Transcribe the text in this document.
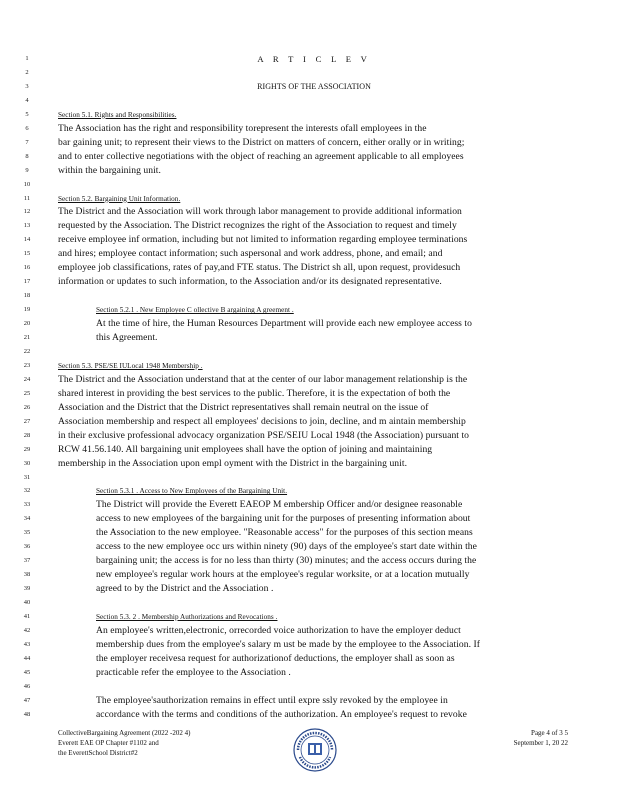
1	A R T I C L E V
2
3	RIGHTS OF THE ASSOCIATION
4
5	Section 5.1. Rights and Responsibilities.
6	The Association has the right and responsibility torepresent the interests ofall employees in the
7	bar gaining unit; to represent their views to the District on matters of concern, either orally or in writing;
8	and to enter collective negotiations with the object of reaching an agreement applicable to all employees
9	within the bargaining unit.
10
11	Section 5.2. Bargaining Unit Information.
12	The District and the Association will work through labor management to provide additional information
13	requested by the Association. The District recognizes the right of the Association to request and timely
14	receive employee inf ormation, including but not limited to information regarding employee terminations
15	and hires; employee contact information; such aspersonal and work address, phone, and email; and
16	employee job classifications, rates of pay,and FTE status. The District sh all, upon request, providesuch
17	information or updates to such information, to the Association and/or its designated representative.
18
19	Section 5.2.1 . New Employee C ollective B argaining A greement .
20	At the time of hire, the Human Resources Department will provide each new employee access to
21	this Agreement.
22
23	Section 5.3. PSE/SE IULocal 1948 Membership .
24	The District and the Association understand that at the center of our labor management relationship is the
25	shared interest in providing the best services to the public. Therefore, it is the expectation of both the
26	Association and the District that the District representatives shall remain neutral on the issue of
27	Association membership and respect all employees' decisions to join, decline, and m aintain membership
28	in their exclusive professional advocacy organization PSE/SEIU Local 1948 (the Association) pursuant to
29	RCW 41.56.140. All bargaining unit employees shall have the option of joining and maintaining
30	membership in the Association upon empl oyment with the District in the bargaining unit.
31
32	Section 5.3.1 . Access to New Employees of the Bargaining Unit.
33	The District will provide the Everett EAEOP M embership Officer and/or designee reasonable
34	access to new employees of the bargaining unit for the purposes of presenting information about
35	the Association to the new employee. "Reasonable access" for the purposes of this section means
36	access to the new employee occ urs within ninety (90) days of the employee's start date within the
37	bargaining unit; the access is for no less than thirty (30) minutes; and the access occurs during the
38	new employee's regular work hours at the employee's regular worksite, or at a location mutually
39	agreed to by the District and the Association .
40
41	Section 5.3. 2 . Membership Authorizations and Revocations .
42	An employee's written,electronic, orrecorded voice authorization to have the employer deduct
43	membership dues from the employee's salary m ust be made by the employee to the Association. If
44	the employer receivesa request for authorizationof deductions, the employer shall as soon as
45	practicable refer the employee to the Association .
46
47	The employee'sauthorization remains in effect until expre ssly revoked by the employee in
48	accordance with the terms and conditions of the authorization. An employee's request to revoke
CollectiveBargaining Agreement (2022 -202 4)
Everett EAE OP Chapter #1102 and
the EverettSchool District#2
Page 4 of 3 5
September 1, 20 22
